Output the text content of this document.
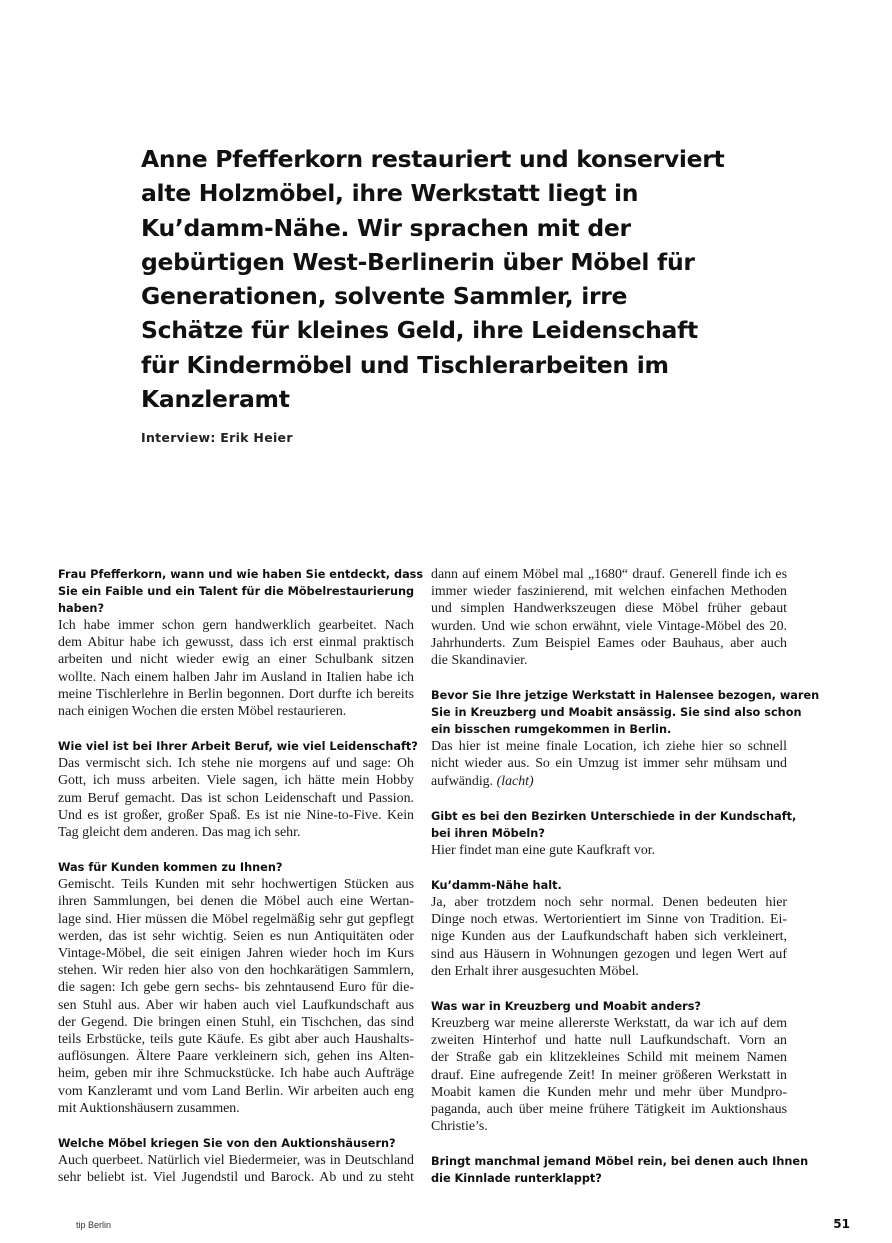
Anne Pfefferkorn restauriert und konserviert
alte Holzmöbel, ihre Werkstatt liegt in
Ku’damm-Nähe. Wir sprachen mit der
gebürtigen West-Berlinerin über Möbel für
Generationen, solvente Sammler, irre
Schätze für kleines Geld, ihre Leidenschaft
für Kindermöbel und Tischlerarbeiten im
Kanzleramt
Interview: Erik Heier
Frau Pfefferkorn, wann und wie haben Sie entdeckt, dass
Sie ein Faible und ein Talent für die Möbelrestaurierung
haben?
Ich habe immer schon gern handwerklich gearbeitet. Nach
dem Abitur habe ich gewusst, dass ich erst einmal praktisch
arbeiten und nicht wieder ewig an einer Schulbank sitzen
wollte. Nach einem halben Jahr im Ausland in Italien habe ich
meine Tischlerlehre in Berlin begonnen. Dort durfte ich bereits
nach einigen Wochen die ersten Möbel restaurieren.
Wie viel ist bei Ihrer Arbeit Beruf, wie viel Leidenschaft?
Das vermischt sich. Ich stehe nie morgens auf und sage: Oh
Gott, ich muss arbeiten. Viele sagen, ich hätte mein Hobby
zum Beruf gemacht. Das ist schon Leidenschaft und Passion.
Und es ist großer, großer Spaß. Es ist nie Nine-to-Five. Kein
Tag gleicht dem anderen. Das mag ich sehr.
Was für Kunden kommen zu Ihnen?
Gemischt. Teils Kunden mit sehr hochwertigen Stücken aus
ihren Sammlungen, bei denen die Möbel auch eine Wertan-
lage sind. Hier müssen die Möbel regelmäßig sehr gut gepflegt
werden, das ist sehr wichtig. Seien es nun Antiquitäten oder
Vintage-Möbel, die seit einigen Jahren wieder hoch im Kurs
stehen. Wir reden hier also von den hochkarätigen Sammlern,
die sagen: Ich gebe gern sechs- bis zehntausend Euro für die-
sen Stuhl aus. Aber wir haben auch viel Laufkundschaft aus
der Gegend. Die bringen einen Stuhl, ein Tischchen, das sind
teils Erbstücke, teils gute Käufe. Es gibt aber auch Haushalts-
auflösungen. Ältere Paare verkleinern sich, gehen ins Alten-
heim, geben mir ihre Schmuckstücke. Ich habe auch Aufträge
vom Kanzleramt und vom Land Berlin. Wir arbeiten auch eng
mit Auktionshäusern zusammen.
Welche Möbel kriegen Sie von den Auktionshäusern?
Auch querbeet. Natürlich viel Biedermeier, was in Deutschland
sehr beliebt ist. Viel Jugendstil und Barock. Ab und zu steht
dann auf einem Möbel mal „1680“ drauf. Generell finde ich es
immer wieder faszinierend, mit welchen einfachen Methoden
und simplen Handwerkszeugen diese Möbel früher gebaut
wurden. Und wie schon erwähnt, viele Vintage-Möbel des 20.
Jahrhunderts. Zum Beispiel Eames oder Bauhaus, aber auch
die Skandinavier.
Bevor Sie Ihre jetzige Werkstatt in Halensee bezogen, waren
Sie in Kreuzberg und Moabit ansässig. Sie sind also schon
ein bisschen rumgekommen in Berlin.
Das hier ist meine finale Location, ich ziehe hier so schnell
nicht wieder aus. So ein Umzug ist immer sehr mühsam und
aufwändig. (lacht)
Gibt es bei den Bezirken Unterschiede in der Kundschaft,
bei ihren Möbeln?
Hier findet man eine gute Kaufkraft vor.
Ku’damm-Nähe halt.
Ja, aber trotzdem noch sehr normal. Denen bedeuten hier
Dinge noch etwas. Wertorientiert im Sinne von Tradition. Ei-
nige Kunden aus der Laufkundschaft haben sich verkleinert,
sind aus Häusern in Wohnungen gezogen und legen Wert auf
den Erhalt ihrer ausgesuchten Möbel.
Was war in Kreuzberg und Moabit anders?
Kreuzberg war meine allererste Werkstatt, da war ich auf dem
zweiten Hinterhof und hatte null Laufkundschaft. Vorn an
der Straße gab ein klitzekleines Schild mit meinem Namen
drauf. Eine aufregende Zeit! In meiner größeren Werkstatt in
Moabit kamen die Kunden mehr und mehr über Mundpro-
paganda, auch über meine frühere Tätigkeit im Auktionshaus
Christie’s.
Bringt manchmal jemand Möbel rein, bei denen auch Ihnen
die Kinnlade runterklappt?
tip Berlin	51
